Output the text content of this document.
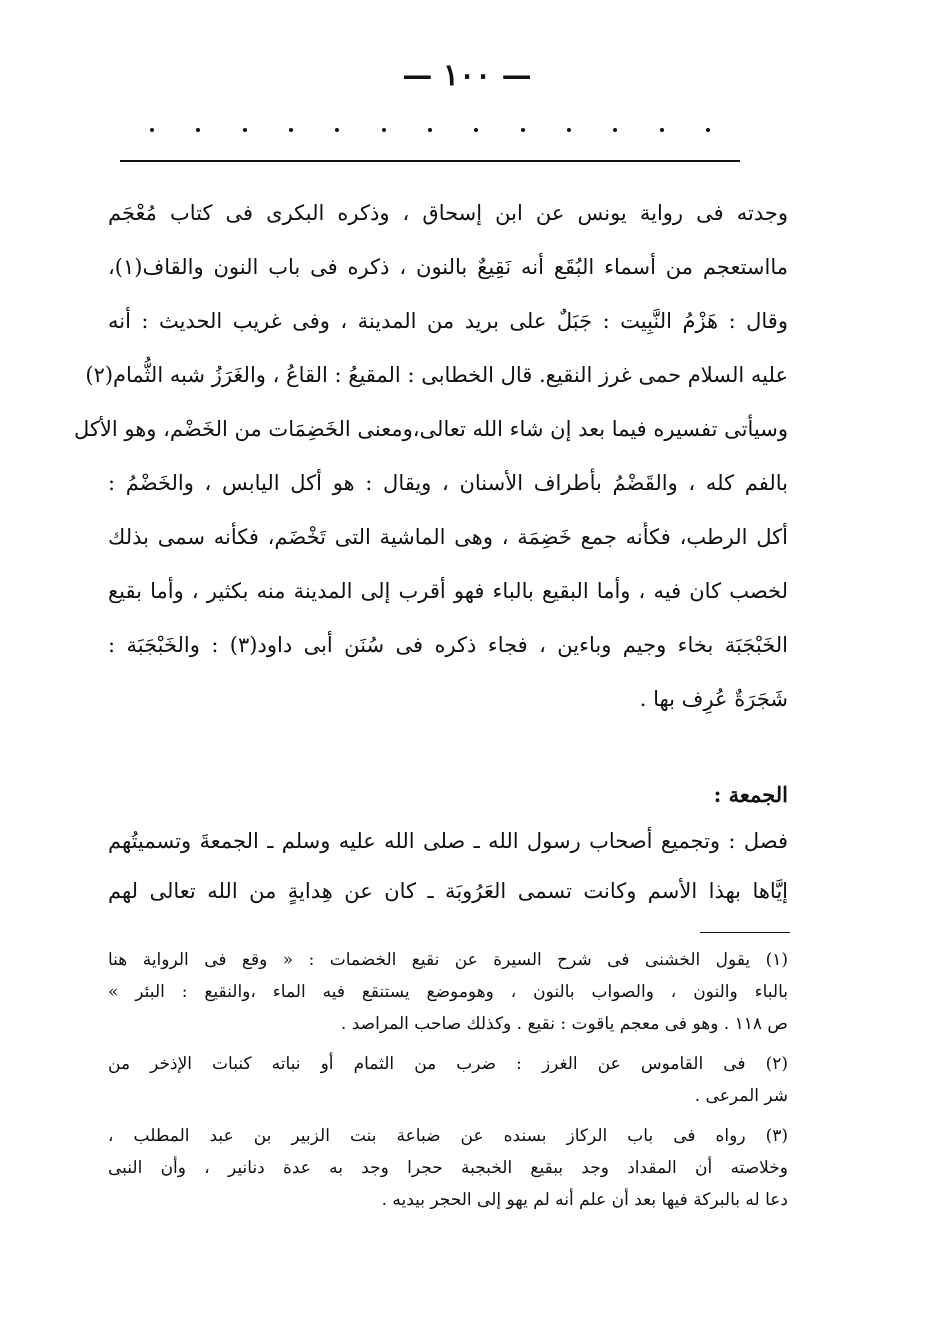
— ١٠٠ —
وجدته فى رواية يونس عن ابن إسحاق ، وذكره البكرى فى كتاب مُعْجَم
مااستعجم من أسماء البُقَع أنه نَقِيعٌ بالنون ، ذكره فى باب النون والقاف(١)،
وقال : هَزْمُ النَّبِيت : جَبَلٌ على بريد من المدينة ، وفى غريب الحديث : أنه
عليه السلام حمى غرز النقيع. قال الخطابى : المقيعُ : القاعُ ، والغَرَزُ شبه الثُّمام(٢)
وسيأتى تفسيره فيما بعد إن شاء الله تعالى،ومعنى الخَضِمَات من الخَضْم، وهو الأكل
بالفم كله ، والقَضْمُ بأطراف الأسنان ، ويقال : هو أكل اليابس ، والخَضْمُ :
أكل الرطب، فكأنه جمع خَضِمَة ، وهى الماشية التى تَخْضَم، فكأنه سمى بذلك
لخصب كان فيه ، وأما البقيع بالباء فهو أقرب إلى المدينة منه بكثير ، وأما بقيع
الخَبْجَبَة بخاء وجيم وباءين ، فجاء ذكره فى سُنَن أبى داود(٣) : والخَبْجَبَة :
شَجَرَةٌ عُرِف بها .
الجمعة :
فصل : وتجميع أصحاب رسول الله ـ صلى الله عليه وسلم ـ الجمعةَ وتسميتُهم
إيَّاها بهذا الأسم وكانت تسمى العَرُوبَة ـ كان عن هِدايةٍ من الله تعالى لهم
(١) يقول الخشنى فى شرح السيرة عن نقيع الخضمات : « وقع فى الرواية هنا
بالباء والنون ، والصواب بالنون ، وهوموضع يستنقع فيه الماء ،والنقيع : البئر »
ص ١١٨ . وهو فى معجم ياقوت : نقيع . وكذلك صاحب المراصد .
(٢) فى القاموس عن الغرز : ضرب من الثمام أو نباته كنبات الإذخر من
شر المرعى .
(٣) رواه فى باب الركاز بسنده عن ضباعة بنت الزبير بن عبد المطلب ،
وخلاصته أن المقداد وجد ببقيع الخبجبة حجرا وجد به عدة دنانير ، وأن النبى
دعا له بالبركة فيها بعد أن علم أنه لم يهو إلى الحجر بيديه .
